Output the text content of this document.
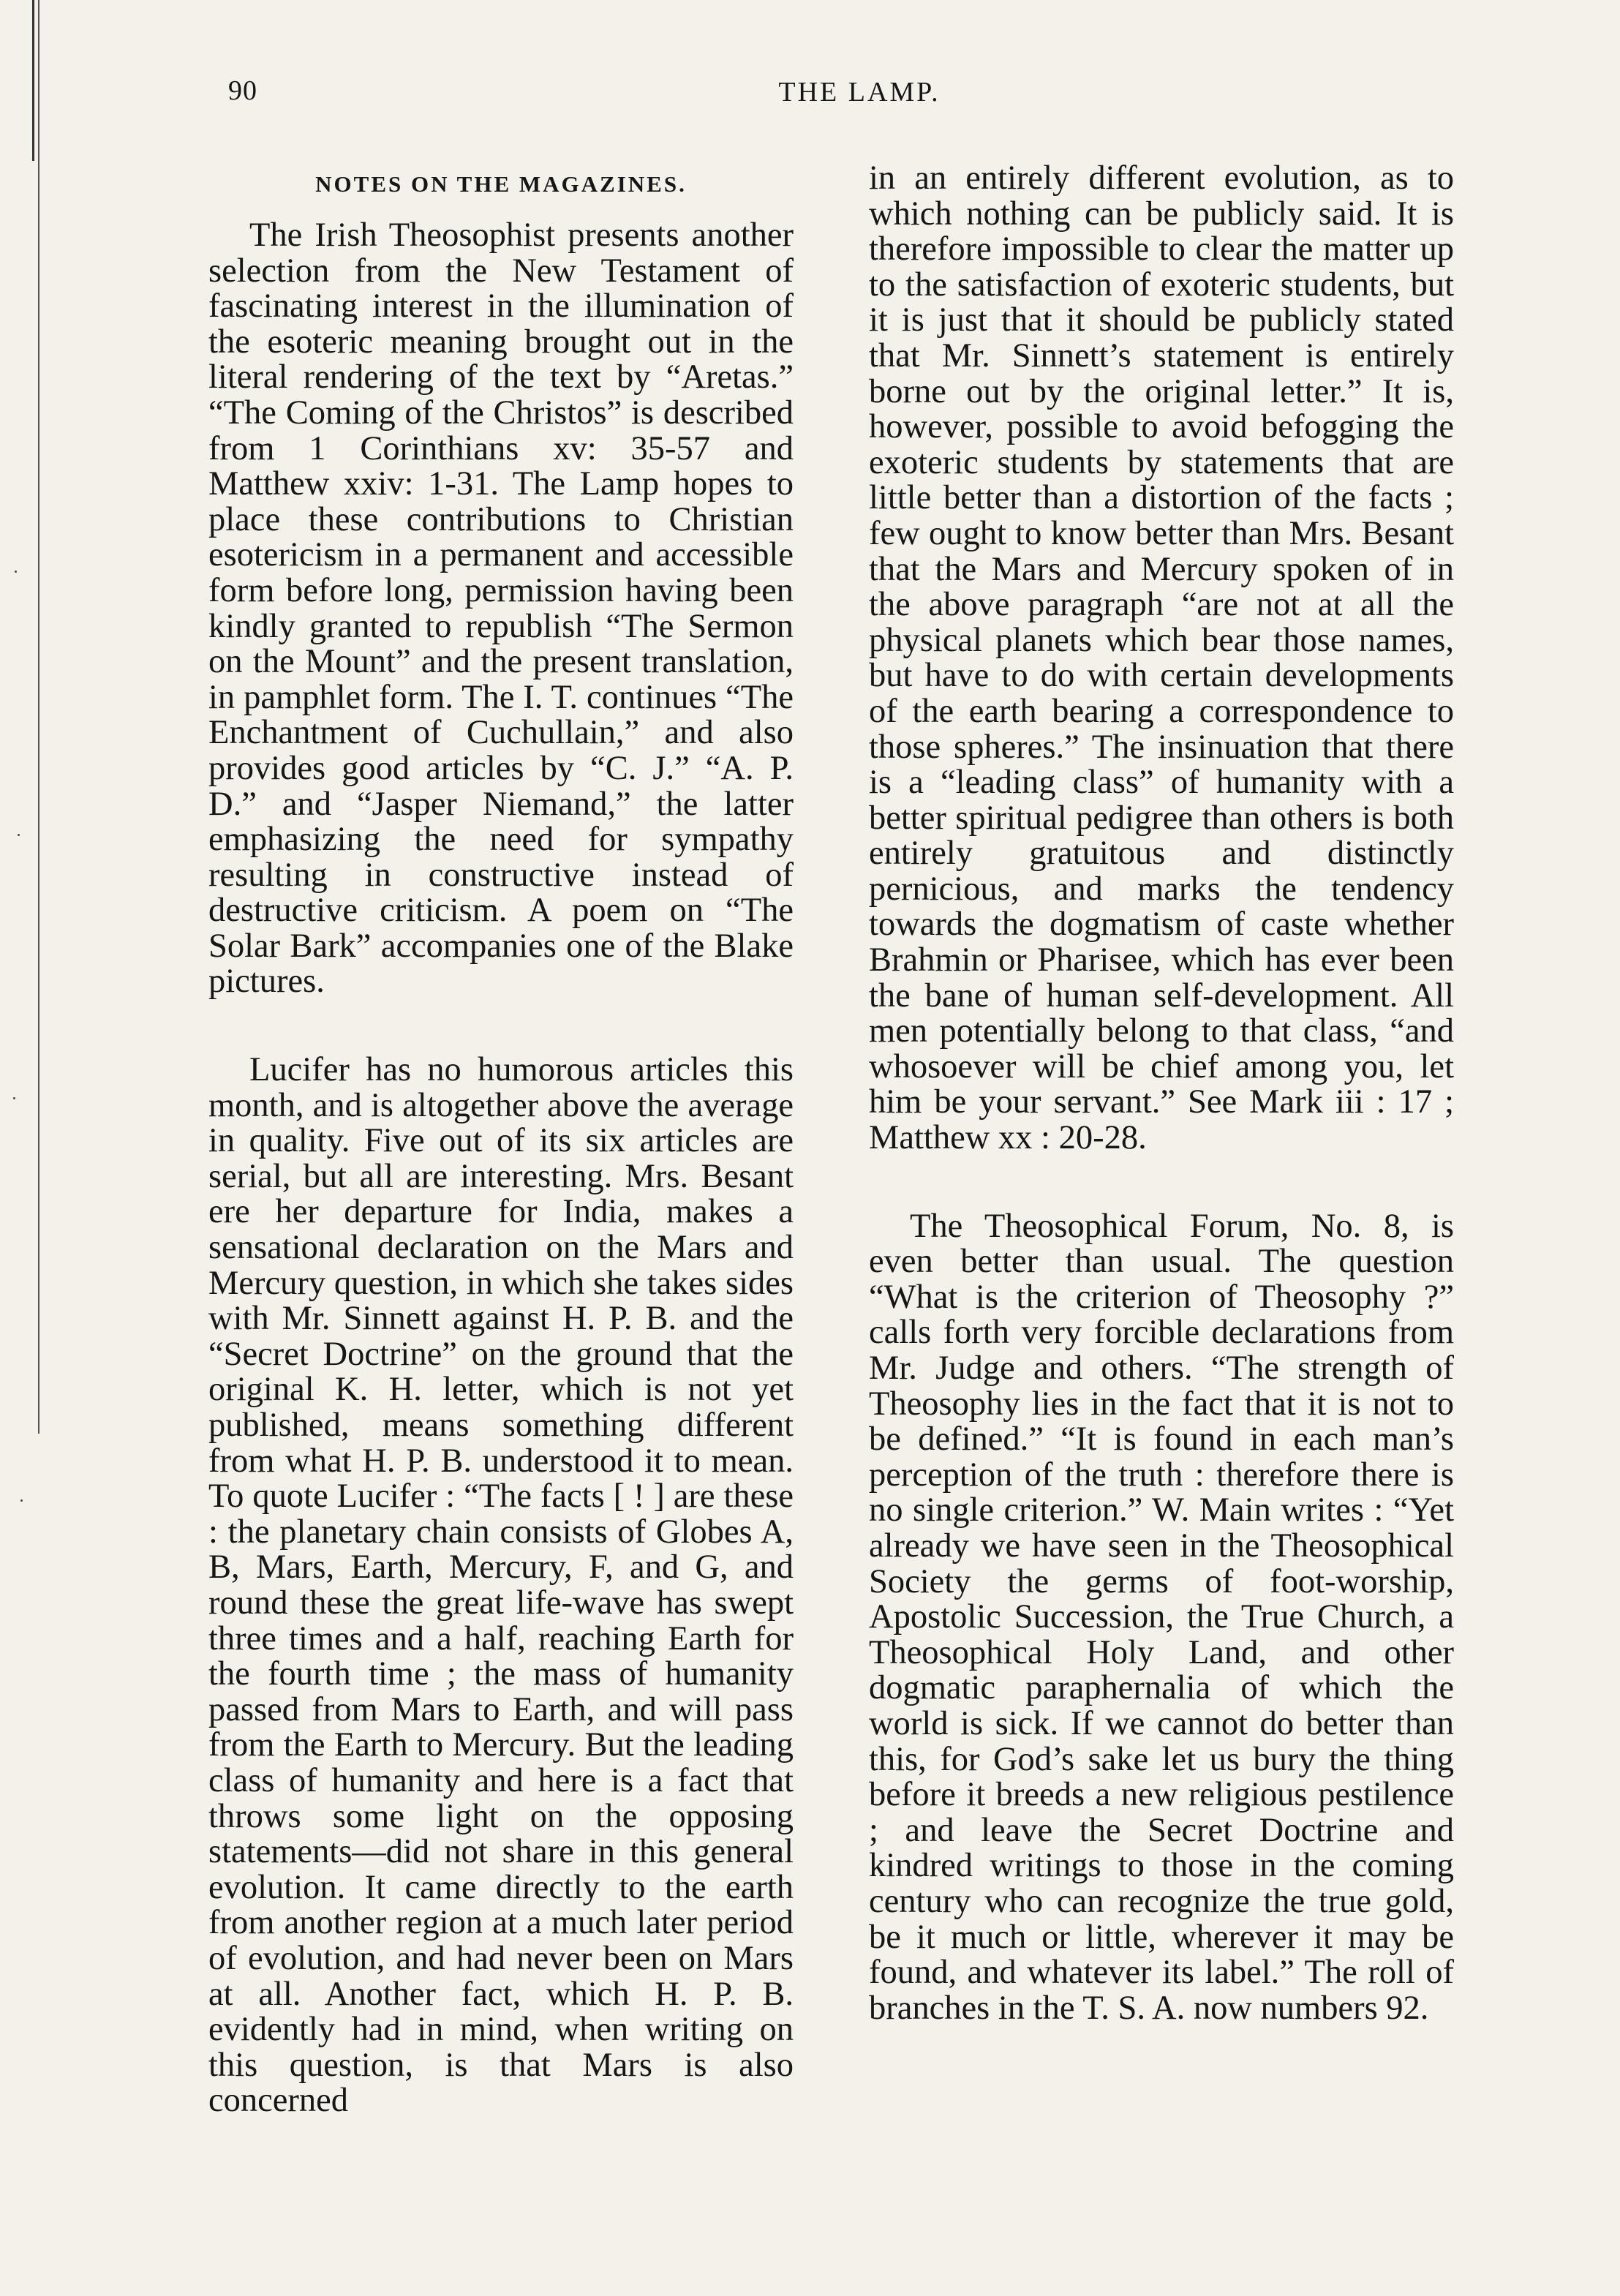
90	THE LAMP.
NOTES ON THE MAGAZINES.

The Irish Theosophist presents another selection from the New Testament of fascinating interest in the illumination of the esoteric meaning brought out in the literal rendering of the text by “Aretas.” “The Coming of the Christos” is described from 1 Corinthians xv: 35-57 and Matthew xxiv: 1-31. The Lamp hopes to place these contributions to Christian esotericism in a permanent and accessible form before long, permission having been kindly granted to republish “The Sermon on the Mount” and the present translation, in pamphlet form. The I. T. continues “The Enchantment of Cuchullain,” and also provides good articles by “C. J.” “A. P. D.” and “Jasper Niemand,” the latter emphasizing the need for sympathy resulting in constructive instead of destructive criticism. A poem on “The Solar Bark” accompanies one of the Blake pictures.

Lucifer has no humorous articles this month, and is altogether above the average in quality. Five out of its six articles are serial, but all are interesting. Mrs. Besant ere her departure for India, makes a sensational declaration on the Mars and Mercury question, in which she takes sides with Mr. Sinnett against H. P. B. and the “Secret Doctrine” on the ground that the original K. H. letter, which is not yet published, means something different from what H. P. B. understood it to mean. To quote Lucifer : “The facts [ ! ] are these : the planetary chain consists of Globes A, B, Mars, Earth, Mercury, F, and G, and round these the great life-wave has swept three times and a half, reaching Earth for the fourth time ; the mass of humanity passed from Mars to Earth, and will pass from the Earth to Mercury. But the leading class of humanity and here is a fact that throws some light on the opposing statements—did not share in this general evolution. It came directly to the earth from another region at a much later period of evolution, and had never been on Mars at all. Another fact, which H. P. B. evidently had in mind, when writing on this question, is that Mars is also concerned

in an entirely different evolution, as to which nothing can be publicly said. It is therefore impossible to clear the matter up to the satisfaction of exoteric students, but it is just that it should be publicly stated that Mr. Sinnett’s statement is entirely borne out by the original letter.” It is, however, possible to avoid befogging the exoteric students by statements that are little better than a distortion of the facts ; few ought to know better than Mrs. Besant that the Mars and Mercury spoken of in the above paragraph “are not at all the physical planets which bear those names, but have to do with certain developments of the earth bearing a correspondence to those spheres.” The insinuation that there is a “leading class” of humanity with a better spiritual pedigree than others is both entirely gratuitous and distinctly pernicious, and marks the tendency towards the dogmatism of caste whether Brahmin or Pharisee, which has ever been the bane of human self-development. All men potentially belong to that class, “and whosoever will be chief among you, let him be your servant.” See Mark iii : 17 ; Matthew xx : 20-28.

The Theosophical Forum, No. 8, is even better than usual. The question “What is the criterion of Theosophy ?” calls forth very forcible declarations from Mr. Judge and others. “The strength of Theosophy lies in the fact that it is not to be defined.” “It is found in each man’s perception of the truth : therefore there is no single criterion.” W. Main writes : “Yet already we have seen in the Theosophical Society the germs of foot-worship, Apostolic Succession, the True Church, a Theosophical Holy Land, and other dogmatic paraphernalia of which the world is sick. If we cannot do better than this, for God’s sake let us bury the thing before it breeds a new religious pestilence ; and leave the Secret Doctrine and kindred writings to those in the coming century who can recognize the true gold, be it much or little, wherever it may be found, and whatever its label.” The roll of branches in the T. S. A. now numbers 92.
